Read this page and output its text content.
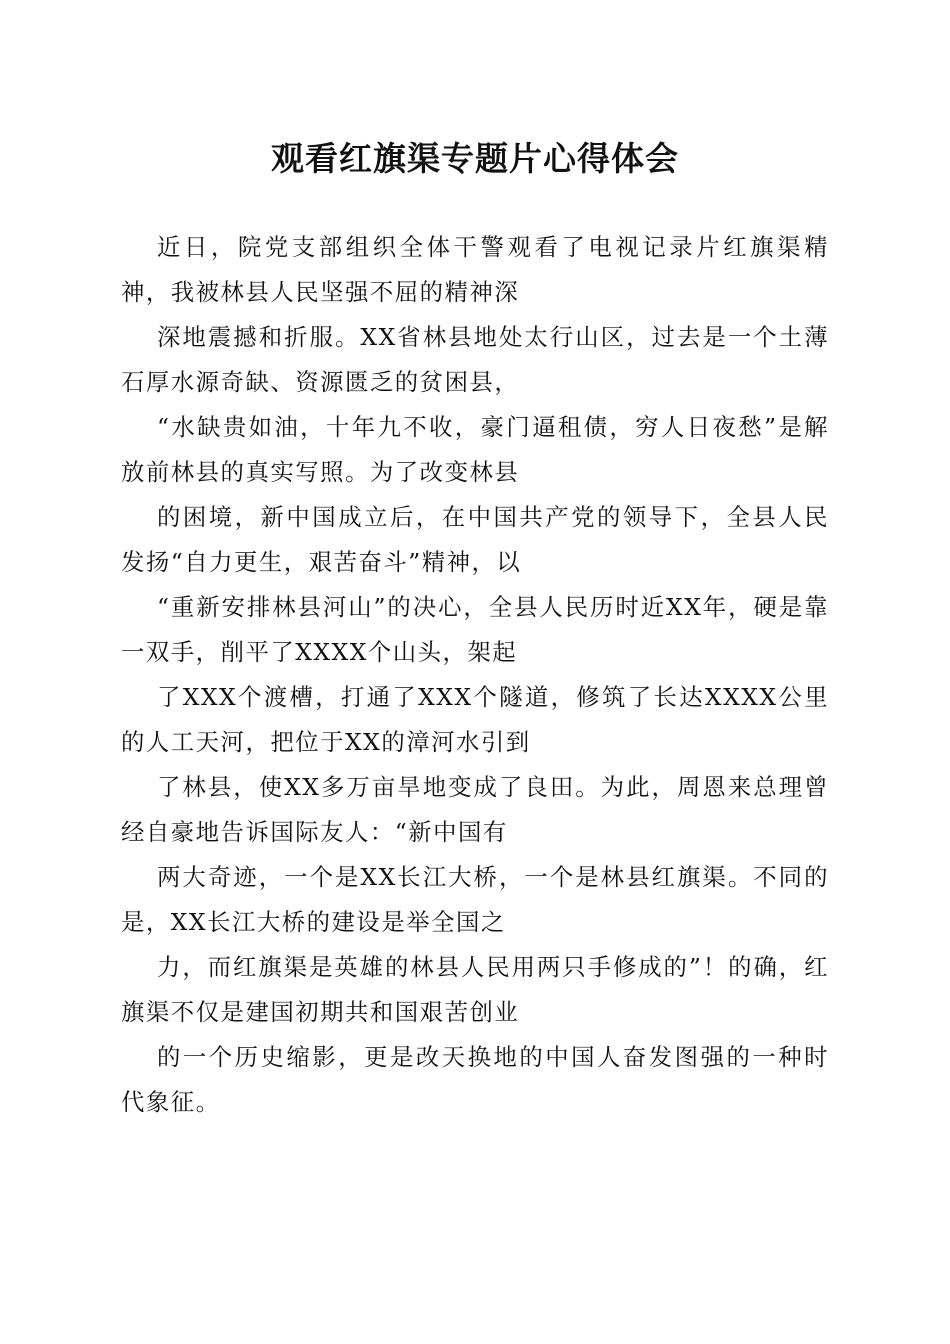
观看红旗渠专题片心得体会

近日，院党支部组织全体干警观看了电视记录片红旗渠精神，我被林县人民坚强不屈的精神深

深地震撼和折服。XX省林县地处太行山区，过去是一个土薄石厚水源奇缺、资源匮乏的贫困县，

“水缺贵如油，十年九不收，豪门逼租债，穷人日夜愁”是解放前林县的真实写照。为了改变林县

的困境，新中国成立后，在中国共产党的领导下，全县人民发扬“自力更生，艰苦奋斗”精神，以

“重新安排林县河山”的决心，全县人民历时近XX年，硬是靠一双手，削平了XXXX个山头，架起

了XXX个渡槽，打通了XXX个隧道，修筑了长达XXXX公里的人工天河，把位于XX的漳河水引到

了林县，使XX多万亩旱地变成了良田。为此，周恩来总理曾经自豪地告诉国际友人：“新中国有

两大奇迹，一个是XX长江大桥，一个是林县红旗渠。不同的是，XX长江大桥的建设是举全国之

力，而红旗渠是英雄的林县人民用两只手修成的”！的确，红旗渠不仅是建国初期共和国艰苦创业

的一个历史缩影，更是改天换地的中国人奋发图强的一种时代象征。
